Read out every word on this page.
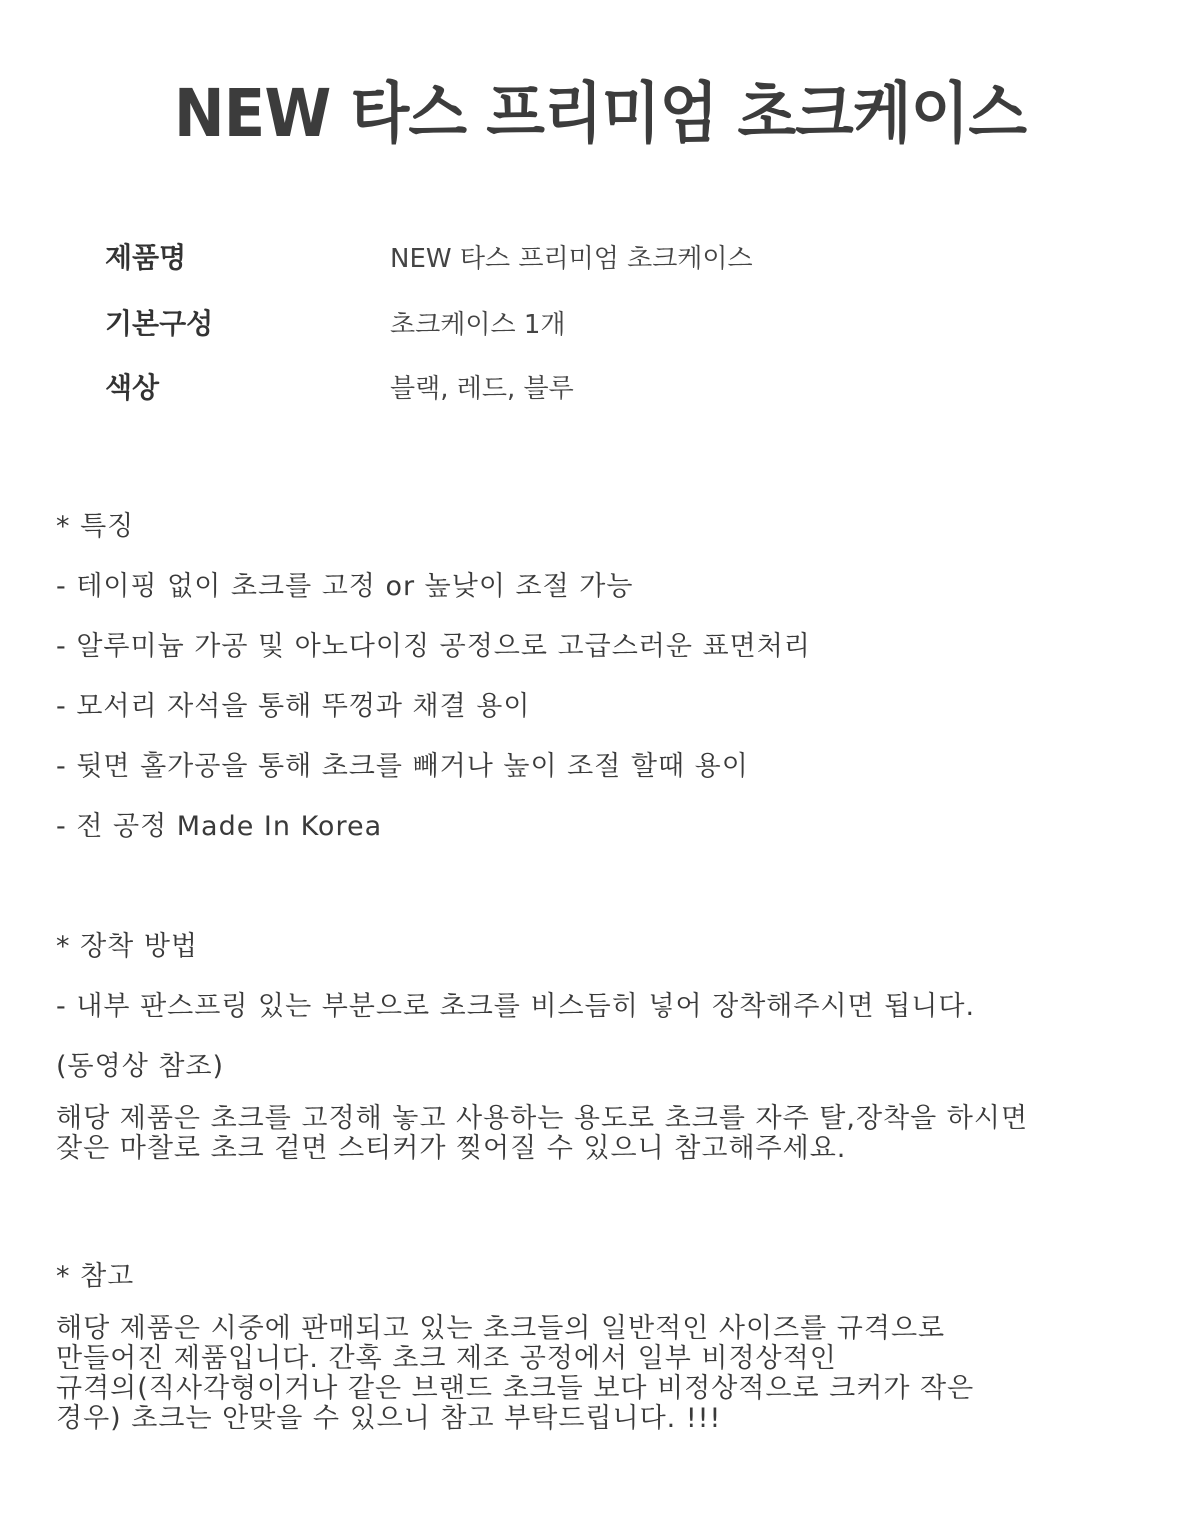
NEW 타스 프리미엄 초크케이스
제품명	NEW 타스 프리미엄 초크케이스
기본구성	초크케이스 1개
색상	블랙, 레드, 블루
* 특징
- 테이핑 없이 초크를 고정 or 높낮이 조절 가능
- 알루미늄 가공 및 아노다이징 공정으로 고급스러운 표면처리
- 모서리 자석을 통해 뚜껑과 채결 용이
- 뒷면 홀가공을 통해 초크를 빼거나 높이 조절 할때 용이
- 전 공정 Made In Korea
* 장착 방법
- 내부 판스프링 있는 부분으로 초크를 비스듬히 넣어 장착해주시면 됩니다.
(동영상 참조)
해당 제품은 초크를 고정해 놓고 사용하는 용도로 초크를 자주 탈,장착을 하시면
잦은 마찰로 초크 겉면 스티커가 찢어질 수 있으니 참고해주세요.
* 참고
해당 제품은 시중에 판매되고 있는 초크들의 일반적인 사이즈를 규격으로
만들어진 제품입니다. 간혹 초크 제조 공정에서 일부 비정상적인
규격의(직사각형이거나 같은 브랜드 초크들 보다 비정상적으로 크커가 작은
경우) 초크는 안맞을 수 있으니 참고 부탁드립니다. !!!
